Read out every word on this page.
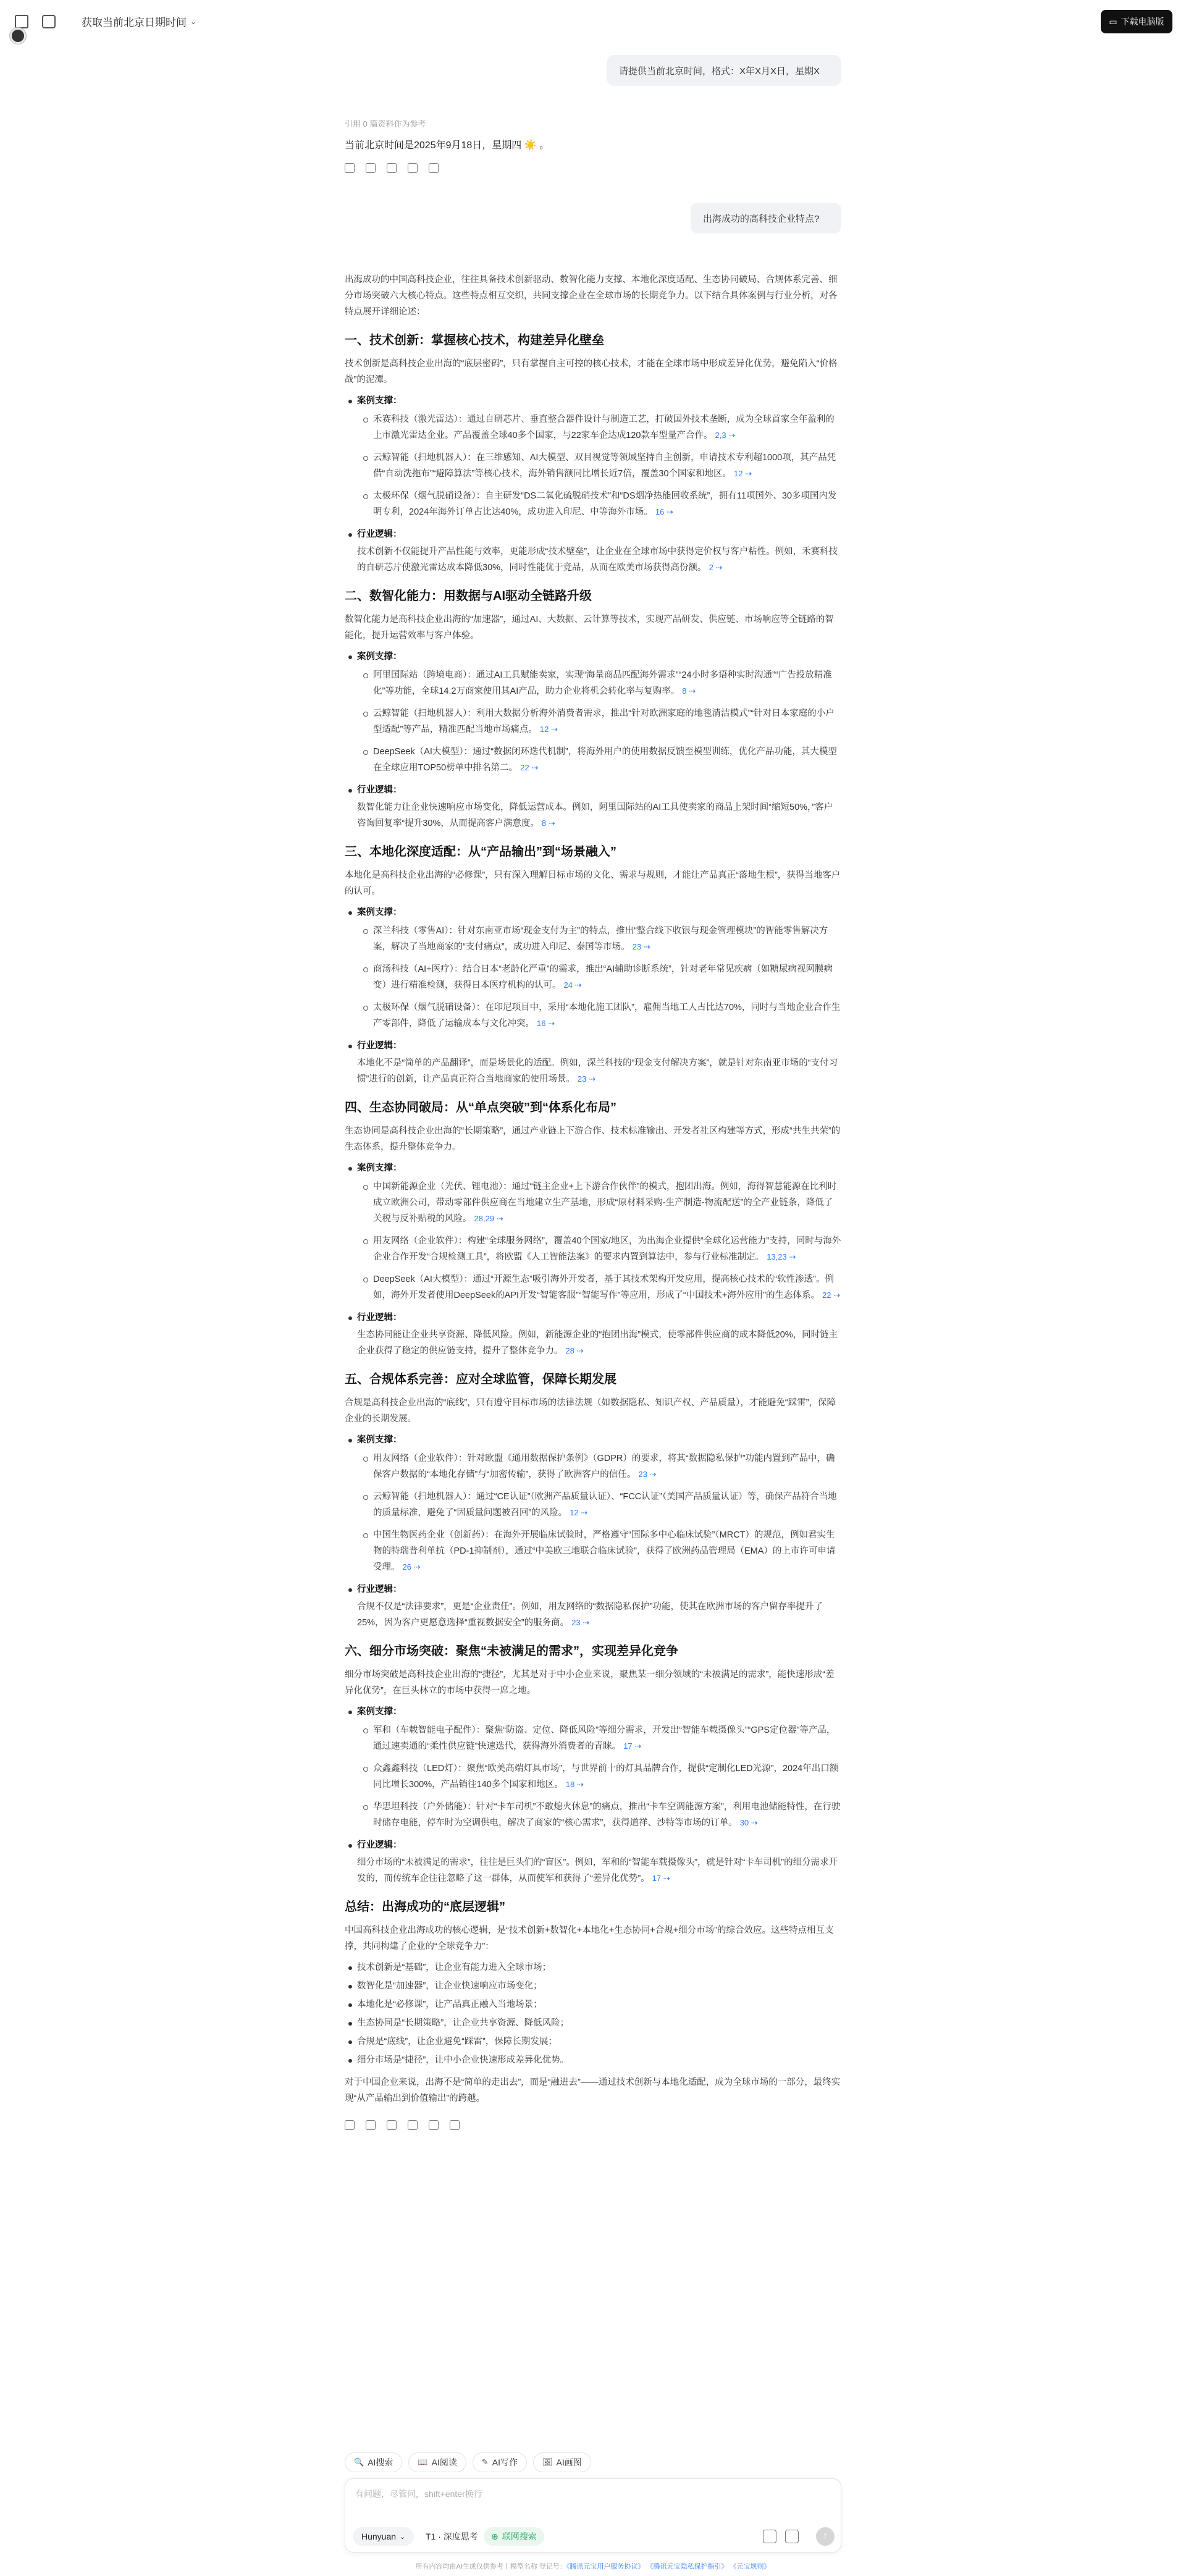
获取当前北京日期时间 ⌄	▭ 下载电脑版
请提供当前北京时间，格式：X年X月X日，星期X
引用 0 篇资料作为参考
当前北京时间是2025年9月18日，星期四 ☀️ 。
出海成功的高科技企业特点?

出海成功的中国高科技企业，往往具备技术创新驱动、数智化能力支撑、本地化深度适配、生态协同破局、合规体系完善、细分市场突破六大核心特点。这些特点相互交织，共同支撑企业在全球市场的长期竞争力。以下结合具体案例与行业分析，对各特点展开详细论述：

一、技术创新：掌握核心技术，构建差异化壁垒

技术创新是高科技企业出海的“底层密码”，只有掌握自主可控的核心技术，才能在全球市场中形成差异化优势，避免陷入“价格战”的泥潭。

案例支撑：
禾赛科技（激光雷达）：通过自研芯片、垂直整合器件设计与制造工艺，打破国外技术垄断，成为全球首家全年盈利的上市激光雷达企业。产品覆盖全球40多个国家，与22家车企达成120款车型量产合作。 2,3 ⇢
云鲸智能（扫地机器人）：在三维感知、AI大模型、双目视觉等领域坚持自主创新，申请技术专利超1000项，其产品凭借“自动洗拖布”“避障算法”等核心技术，海外销售额同比增长近7倍，覆盖30个国家和地区。 12 ⇢
太极环保（烟气脱硝设备）：自主研发“DS二氧化硫脱硝技术”和“DS烟净热能回收系统”，拥有11项国外、30多项国内发明专利，2024年海外订单占比达40%，成功进入印尼、中等海外市场。 16 ⇢
行业逻辑：
技术创新不仅能提升产品性能与效率，更能形成“技术壁垒”，让企业在全球市场中获得定价权与客户粘性。例如，禾赛科技的自研芯片使激光雷达成本降低30%，同时性能优于竞品，从而在欧美市场获得高份额。 2 ⇢
二、数智化能力：用数据与AI驱动全链路升级

数智化能力是高科技企业出海的“加速器”，通过AI、大数据、云计算等技术，实现产品研发、供应链、市场响应等全链路的智能化，提升运营效率与客户体验。

案例支撑：
阿里国际站（跨境电商）：通过AI工具赋能卖家，实现“海量商品匹配海外需求”“24小时多语种实时沟通”“广告投放精准化”等功能，全球14.2万商家使用其AI产品，助力企业将机会转化率与复购率。 8 ⇢
云鲸智能（扫地机器人）：利用大数据分析海外消费者需求，推出“针对欧洲家庭的地毯清洁模式”“针对日本家庭的小户型适配”等产品，精准匹配当地市场痛点。 12 ⇢
DeepSeek（AI大模型）：通过“数据闭环迭代机制”，将海外用户的使用数据反馈至模型训练，优化产品功能，其大模型在全球应用TOP50榜单中排名第二。 22 ⇢
行业逻辑：
数智化能力让企业快速响应市场变化，降低运营成本。例如，阿里国际站的AI工具使卖家的商品上架时间“缩短50%，”客户咨询回复率“提升30%，从而提高客户满意度。 8 ⇢
三、本地化深度适配：从“产品输出”到“场景融入”

本地化是高科技企业出海的“必修课”，只有深入理解目标市场的文化、需求与规则，才能让产品真正“落地生根”，获得当地客户的认可。

案例支撑：
深兰科技（零售AI）：针对东南亚市场“现金支付为主”的特点，推出“整合线下收银与现金管理模块”的智能零售解决方案，解决了当地商家的“支付痛点”，成功进入印尼、泰国等市场。 23 ⇢
商汤科技（AI+医疗）：结合日本“老龄化严重”的需求，推出“AI辅助诊断系统”，针对老年常见疾病（如糖尿病视网膜病变）进行精准检测，获得日本医疗机构的认可。 24 ⇢
太极环保（烟气脱硝设备）：在印尼项目中，采用“本地化施工团队”，雇佣当地工人占比达70%，同时与当地企业合作生产零部件，降低了运输成本与文化冲突。 16 ⇢
行业逻辑：
本地化不是“简单的产品翻译”，而是场景化的适配。例如，深兰科技的“现金支付解决方案”，就是针对东南亚市场的“支付习惯”进行的创新，让产品真正符合当地商家的使用场景。 23 ⇢
四、生态协同破局：从“单点突破”到“体系化布局”

生态协同是高科技企业出海的“长期策略”，通过产业链上下游合作、技术标准输出、开发者社区构建等方式，形成“共生共荣”的生态体系，提升整体竞争力。

案例支撑：
中国新能源企业（光伏、锂电池）：通过“链主企业+上下游合作伙伴”的模式，抱团出海。例如，海得智慧能源在比利时成立欧洲公司，带动零部件供应商在当地建立生产基地，形成“原材料采购-生产制造-物流配送”的全产业链条，降低了关税与反补贴税的风险。 28,29 ⇢
用友网络（企业软件）：构建“全球服务网络”，覆盖40个国家/地区，为出海企业提供“全球化运营能力”支持，同时与海外企业合作开发“合规检测工具”，将欧盟《人工智能法案》的要求内置到算法中，参与行业标准制定。 13,23 ⇢
DeepSeek（AI大模型）：通过“开源生态”吸引海外开发者，基于其技术架构开发应用，提高核心技术的“软性渗透”。例如，海外开发者使用DeepSeek的API开发“智能客服”“智能写作”等应用，形成了“中国技术+海外应用”的生态体系。 22 ⇢
行业逻辑：
生态协同能让企业共享资源、降低风险。例如，新能源企业的“抱团出海”模式，使零部件供应商的成本降低20%，同时链主企业获得了稳定的供应链支持，提升了整体竞争力。 28 ⇢
五、合规体系完善：应对全球监管，保障长期发展

合规是高科技企业出海的“底线”，只有遵守目标市场的法律法规（如数据隐私、知识产权、产品质量），才能避免“踩雷”，保障企业的长期发展。

案例支撑：
用友网络（企业软件）：针对欧盟《通用数据保护条例》（GDPR）的要求，将其“数据隐私保护”功能内置到产品中，确保客户数据的“本地化存储”与“加密传输”，获得了欧洲客户的信任。 23 ⇢
云鲸智能（扫地机器人）：通过“CE认证”（欧洲产品质量认证）、“FCC认证”（美国产品质量认证）等，确保产品符合当地的质量标准，避免了“因质量问题被召回”的风险。 12 ⇢
中国生物医药企业（创新药）：在海外开展临床试验时，严格遵守“国际多中心临床试验”（MRCT）的规范，例如君实生物的特瑞普利单抗（PD-1抑制剂），通过“中美欧三地联合临床试验”，获得了欧洲药品管理局（EMA）的上市许可申请受理。 26 ⇢
行业逻辑：
合规不仅是“法律要求”，更是“企业责任”。例如，用友网络的“数据隐私保护”功能，使其在欧洲市场的客户留存率提升了25%，因为客户更愿意选择“重视数据安全”的服务商。 23 ⇢
六、细分市场突破：聚焦“未被满足的需求”，实现差异化竞争

细分市场突破是高科技企业出海的“捷径”，尤其是对于中小企业来说，聚焦某一细分领域的“未被满足的需求”，能快速形成“差异化优势”，在巨头林立的市场中获得一席之地。

案例支撑：
军和（车载智能电子配件）：聚焦“防盗、定位、降低风险”等细分需求，开发出“智能车载摄像头”“GPS定位器”等产品，通过速卖通的“柔性供应链”快速迭代，获得海外消费者的青睐。 17 ⇢
众鑫鑫科技（LED灯）：聚焦“欧美高端灯具市场”，与世界前十的灯具品牌合作，提供“定制化LED光源”，2024年出口额同比增长300%，产品销往140多个国家和地区。 18 ⇢
华思坦科技（户外储能）：针对“卡车司机”不敢熄火休息”的痛点，推出“卡车空调能源方案”，利用电池储能特性，在行驶时储存电能，停车时为空调供电，解决了商家的“核心需求”，获得道祥、沙特等市场的订单。 30 ⇢
行业逻辑：
细分市场的“未被满足的需求”，往往是巨头们的“盲区”。例如，军和的“智能车载摄像头”，就是针对“卡车司机”的细分需求开发的，而传统车企往往忽略了这一群体，从而使军和获得了“差异化优势”。 17 ⇢
总结：出海成功的“底层逻辑”

中国高科技企业出海成功的核心逻辑，是“技术创新+数智化+本地化+生态协同+合规+细分市场”的综合效应。这些特点相互支撑，共同构建了企业的“全球竞争力”：

技术创新是“基础”，让企业有能力进入全球市场；
数智化是“加速器”，让企业快速响应市场变化；
本地化是“必修课”，让产品真正融入当地场景；
生态协同是“长期策略”，让企业共享资源、降低风险；
合规是“底线”，让企业避免“踩雷”，保障长期发展；
细分市场是“捷径”，让中小企业快速形成差异化优势。

对于中国企业来说，出海不是“简单的走出去”，而是“融进去”——通过技术创新与本地化适配，成为全球市场的一部分，最终实现“从产品输出到价值输出”的跨越。

🔍 AI搜索	📖 AI阅读	✎ AI写作	🖼 AI画图
有问题，尽管问，shift+enter换行
Hunyuan ⌄ T1 · 深度思考 ⊕ 联网搜索	↑
所有内容均由AI生成仅供参考丨模型名称 登记号：《腾讯元宝用户服务协议》 《腾讯元宝隐私保护指引》 《元宝规则》
